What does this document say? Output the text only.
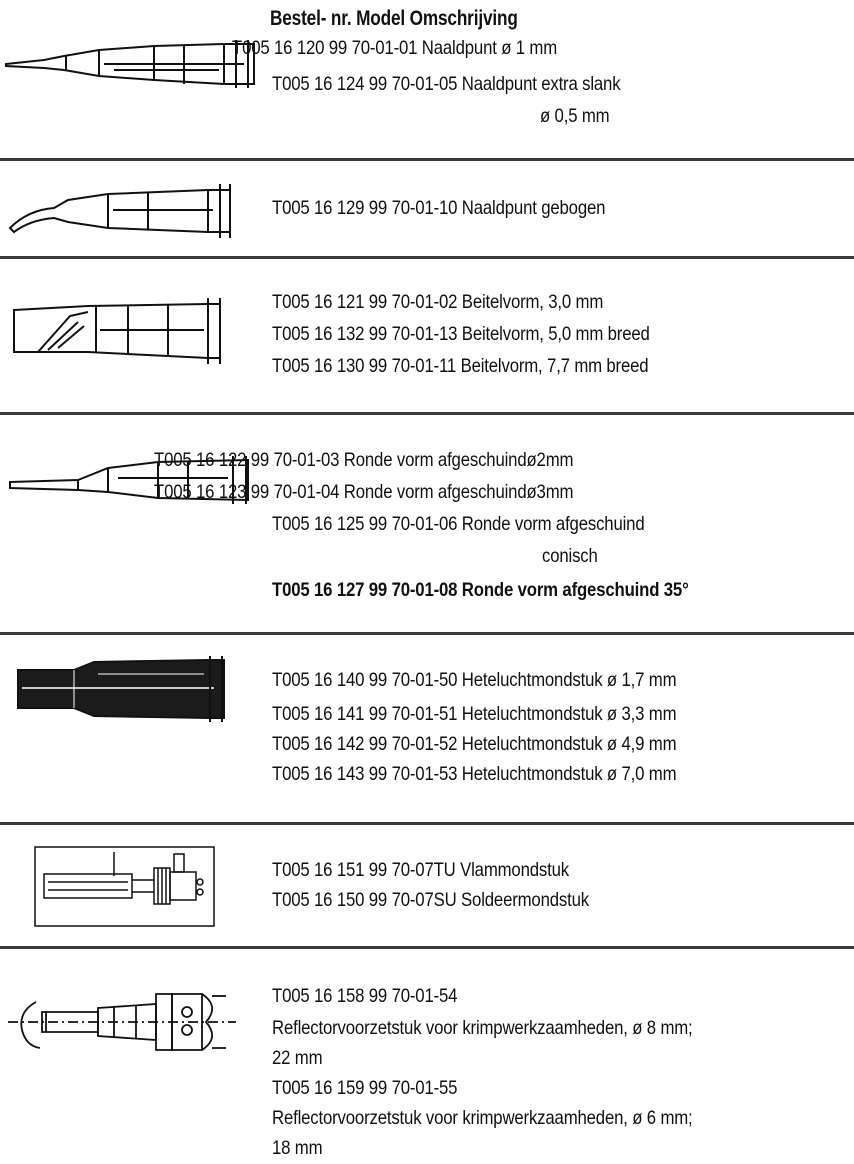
Bestel- nr. Model Omschrijving
T005 16 120 99 70-01-01 Naaldpunt ø 1 mm
T005 16 124 99 70-01-05 Naaldpunt extra slank
ø 0,5 mm
T005 16 129 99 70-01-10 Naaldpunt gebogen
T005 16 121 99 70-01-02 Beitelvorm, 3,0 mm
T005 16 132 99 70-01-13 Beitelvorm, 5,0 mm breed
T005 16 130 99 70-01-11 Beitelvorm, 7,7 mm breed
T005 16 122 99 70-01-03 Ronde vorm afgeschuindø2mm
T005 16 123 99 70-01-04 Ronde vorm afgeschuindø3mm
T005 16 125 99 70-01-06 Ronde vorm afgeschuind
conisch
T005 16 127 99 70-01-08 Ronde vorm afgeschuind 35°
T005 16 140 99 70-01-50 Heteluchtmondstuk ø 1,7 mm
T005 16 141 99 70-01-51 Heteluchtmondstuk ø 3,3 mm
T005 16 142 99 70-01-52 Heteluchtmondstuk ø 4,9 mm
T005 16 143 99 70-01-53 Heteluchtmondstuk ø 7,0 mm
T005 16 151 99 70-07TU Vlammondstuk
T005 16 150 99 70-07SU Soldeermondstuk
T005 16 158 99 70-01-54
Reflectorvoorzetstuk voor krimpwerkzaamheden, ø 8 mm;
22 mm
T005 16 159 99 70-01-55
Reflectorvoorzetstuk voor krimpwerkzaamheden, ø 6 mm;
18 mm
